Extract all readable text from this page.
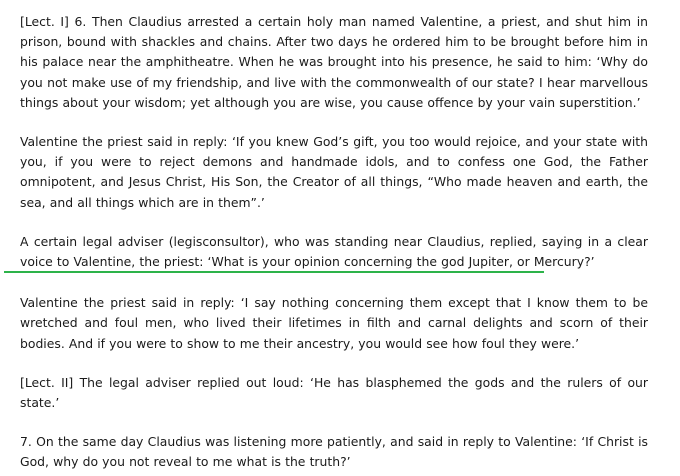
[Lect. I] 6. Then Claudius arrested a certain holy man named Valentine, a priest, and shut him in prison, bound with shackles and chains. After two days he ordered him to be brought before him in his palace near the amphitheatre. When he was brought into his presence, he said to him: ‘Why do you not make use of my friendship, and live with the commonwealth of our state? I hear marvellous things about your wisdom; yet although you are wise, you cause offence by your vain superstition.’

Valentine the priest said in reply: ‘If you knew God’s gift, you too would rejoice, and your state with you, if you were to reject demons and handmade idols, and to confess one God, the Father omnipotent, and Jesus Christ, His Son, the Creator of all things, “Who made heaven and earth, the sea, and all things which are in them”.’

A certain legal adviser (legisconsultor), who was standing near Claudius, replied, saying in a clear voice to Valentine, the priest: ‘What is your opinion concerning the god Jupiter, or Mercury?’

Valentine the priest said in reply: ‘I say nothing concerning them except that I know them to be wretched and foul men, who lived their lifetimes in filth and carnal delights and scorn of their bodies. And if you were to show to me their ancestry, you would see how foul they were.’

[Lect. II] The legal adviser replied out loud: ‘He has blasphemed the gods and the rulers of our state.’

7. On the same day Claudius was listening more patiently, and said in reply to Valentine: ‘If Christ is God, why do you not reveal to me what is the truth?’
